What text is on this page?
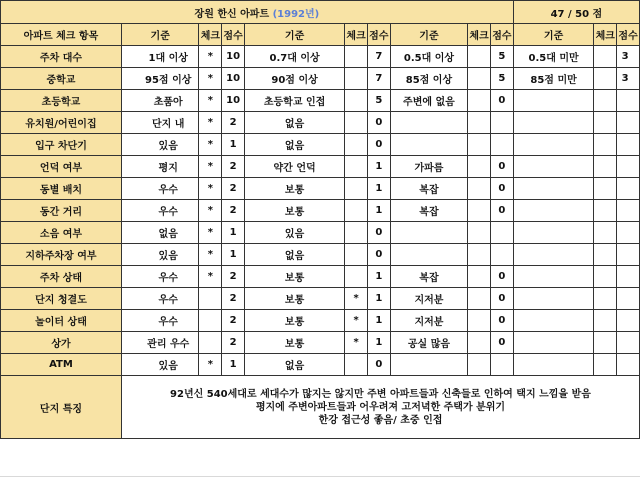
장원 한신 아파트 (1992년)										47 / 50 점		
아파트 체크 항목	기준	체크	점수	기준	체크	점수	기준	체크	점수	기준	체크	점수
주차 대수	1대 이상	*	10	0.7대 이상		7	0.5대 이상		5	0.5대 미만		3
중학교	95점 이상	*	10	90점 이상		7	85점 이상		5	85점 미만		3
초등학교	초품아	*	10	초등학교 인접		5	주변에 없음		0			
유치원/어린이집	단지 내	*	2	없음		0						
입구 차단기	있음	*	1	없음		0						
언덕 여부	평지	*	2	약간 언덕		1	가파름		0			
동별 배치	우수	*	2	보통		1	복잡		0			
동간 거리	우수	*	2	보통		1	복잡		0			
소음 여부	없음	*	1	있음		0						
지하주차장 여부	있음	*	1	없음		0						
주차 상태	우수	*	2	보통		1	복잡		0			
단지 청결도	우수		2	보통	*	1	지저분		0			
놀이터 상태	우수		2	보통	*	1	지저분		0			
상가	관리 우수		2	보통	*	1	공실 많음		0			
ATM	있음	*	1	없음		0						
단지 특징	92년신 540세대로 세대수가 많지는 않지만 주변 아파트들과 신축들로 인하여 택지 느낌을 받음
평지에 주변아파트들과 어우려져 고저녁한 주택가 분위기
한강 접근성 좋음/ 초중 인접											
